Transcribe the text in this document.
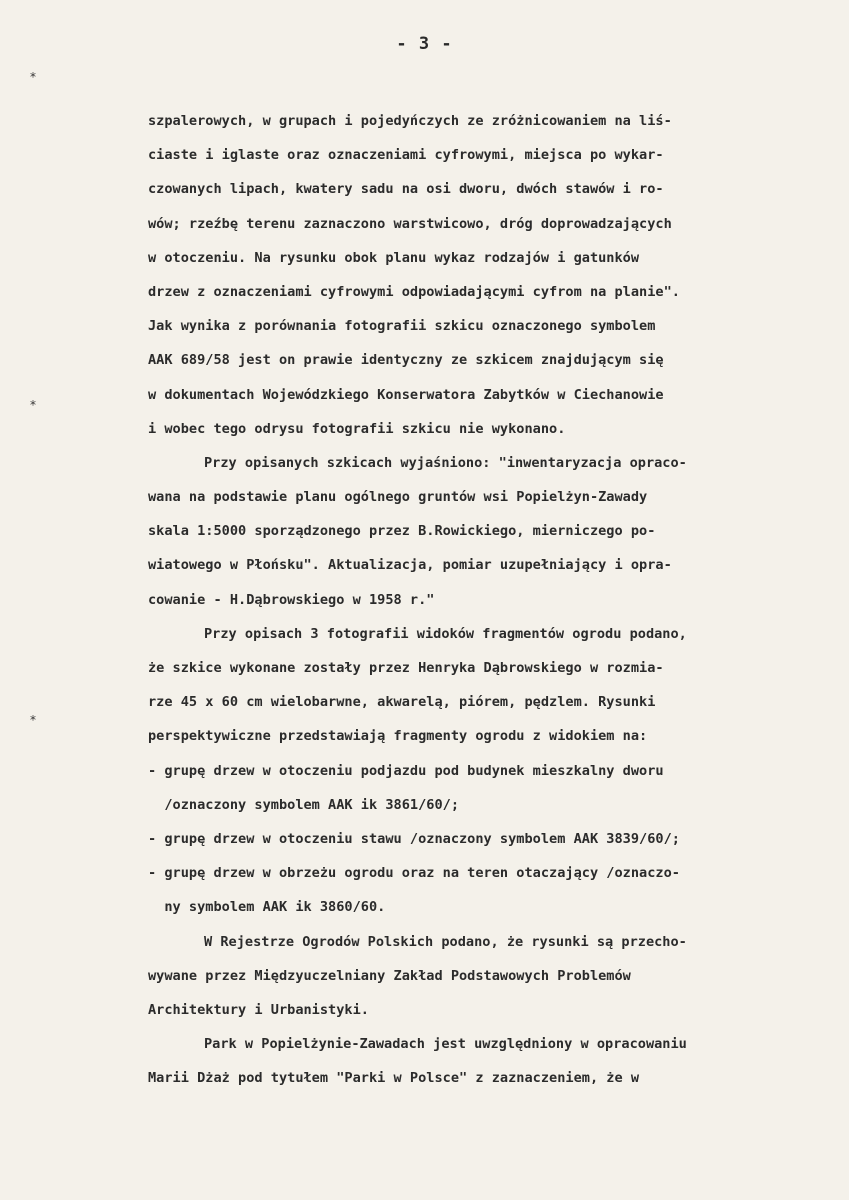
- 3 -
*
*
*
szpalerowych, w grupach i pojedyńczych ze zróżnicowaniem na liś-
ciaste i iglaste oraz oznaczeniami cyfrowymi, miejsca po wykar-
czowanych lipach, kwatery sadu na osi dworu, dwóch stawów i ro-
wów; rzeźbę terenu zaznaczono warstwicowo, dróg doprowadzających
w otoczeniu. Na rysunku obok planu wykaz rodzajów i gatunków
drzew z oznaczeniami cyfrowymi odpowiadającymi cyfrom na planie".
Jak wynika z porównania fotografii szkicu oznaczonego symbolem
AAK 689/58 jest on prawie identyczny ze szkicem znajdującym się
w dokumentach Wojewódzkiego Konserwatora Zabytków w Ciechanowie
i wobec tego odrysu fotografii szkicu nie wykonano.
Przy opisanych szkicach wyjaśniono: "inwentaryzacja opraco-
wana na podstawie planu ogólnego gruntów wsi Popielżyn-Zawady
skala 1:5000 sporządzonego przez B.Rowickiego, mierniczego po-
wiatowego w Płońsku". Aktualizacja, pomiar uzupełniający i opra-
cowanie - H.Dąbrowskiego w 1958 r."
Przy opisach 3 fotografii widoków fragmentów ogrodu podano,
że szkice wykonane zostały przez Henryka Dąbrowskiego w rozmia-
rze 45 x 60 cm wielobarwne, akwarelą, piórem, pędzlem. Rysunki
perspektywiczne przedstawiają fragmenty ogrodu z widokiem na:
- grupę drzew w otoczeniu podjazdu pod budynek mieszkalny dworu
/oznaczony symbolem AAK ik 3861/60/;
- grupę drzew w otoczeniu stawu /oznaczony symbolem AAK 3839/60/;
- grupę drzew w obrzeżu ogrodu oraz na teren otaczający /oznaczo-
ny symbolem AAK ik 3860/60.
W Rejestrze Ogrodów Polskich podano, że rysunki są przecho-
wywane przez Międzyuczelniany Zakład Podstawowych Problemów
Architektury i Urbanistyki.
Park w Popielżynie-Zawadach jest uwzględniony w opracowaniu
Marii Dżaż pod tytułem "Parki w Polsce" z zaznaczeniem, że w
